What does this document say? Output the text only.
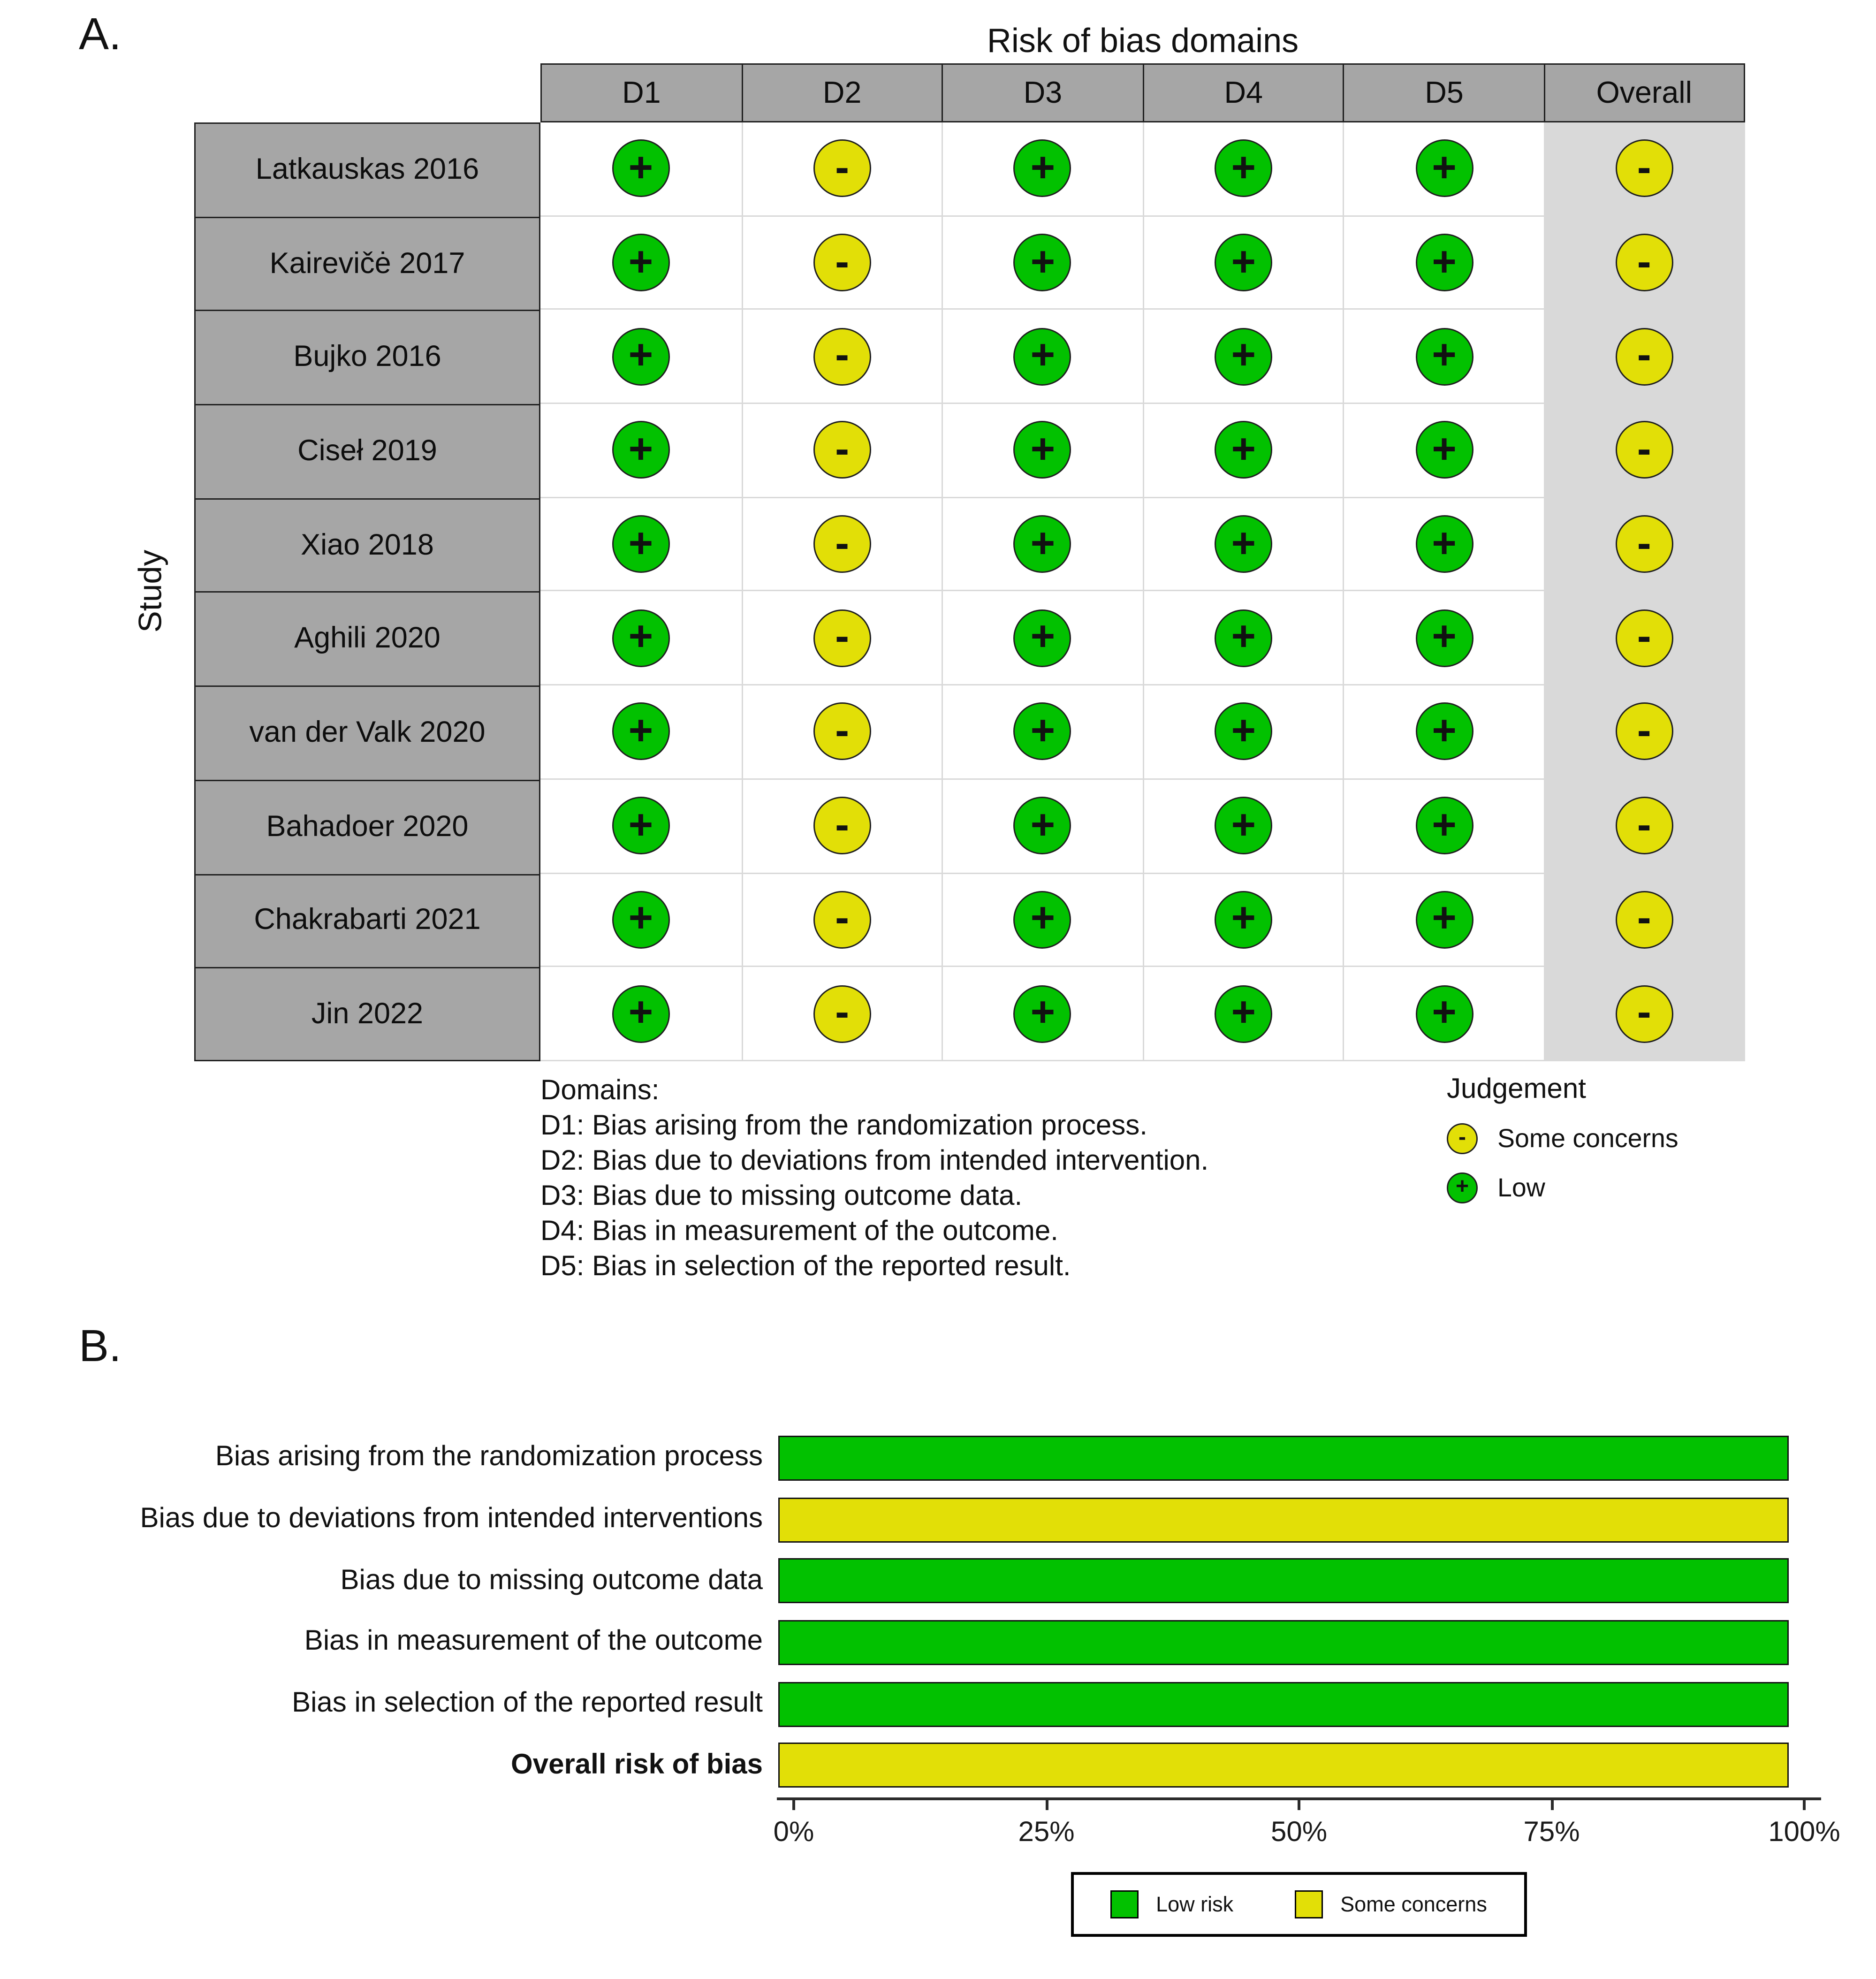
A.	Risk of bias domains
Study
D1	D2	D3	D4	D5	Overall
Latkauskas 2016	+	-	+	+	+	-
Kairevičė 2017	+	-	+	+	+	-
Bujko 2016	+	-	+	+	+	-
Ciseł 2019	+	-	+	+	+	-
Xiao 2018	+	-	+	+	+	-
Aghili 2020	+	-	+	+	+	-
van der Valk 2020	+	-	+	+	+	-
Bahadoer 2020	+	-	+	+	+	-
Chakrabarti 2021	+	-	+	+	+	-
Jin 2022	+	-	+	+	+	-
Domains:
D1: Bias arising from the randomization process.
D2: Bias due to deviations from intended intervention.
D3: Bias due to missing outcome data.
D4: Bias in measurement of the outcome.
D5: Bias in selection of the reported result.
Judgement
-	Some concerns
+	Low
B.
Bias arising from the randomization process
Bias due to deviations from intended interventions
Bias due to missing outcome data
Bias in measurement of the outcome
Bias in selection of the reported result
Overall risk of bias
0%	25%	50%	75%	100%
Low risk	Some concerns
